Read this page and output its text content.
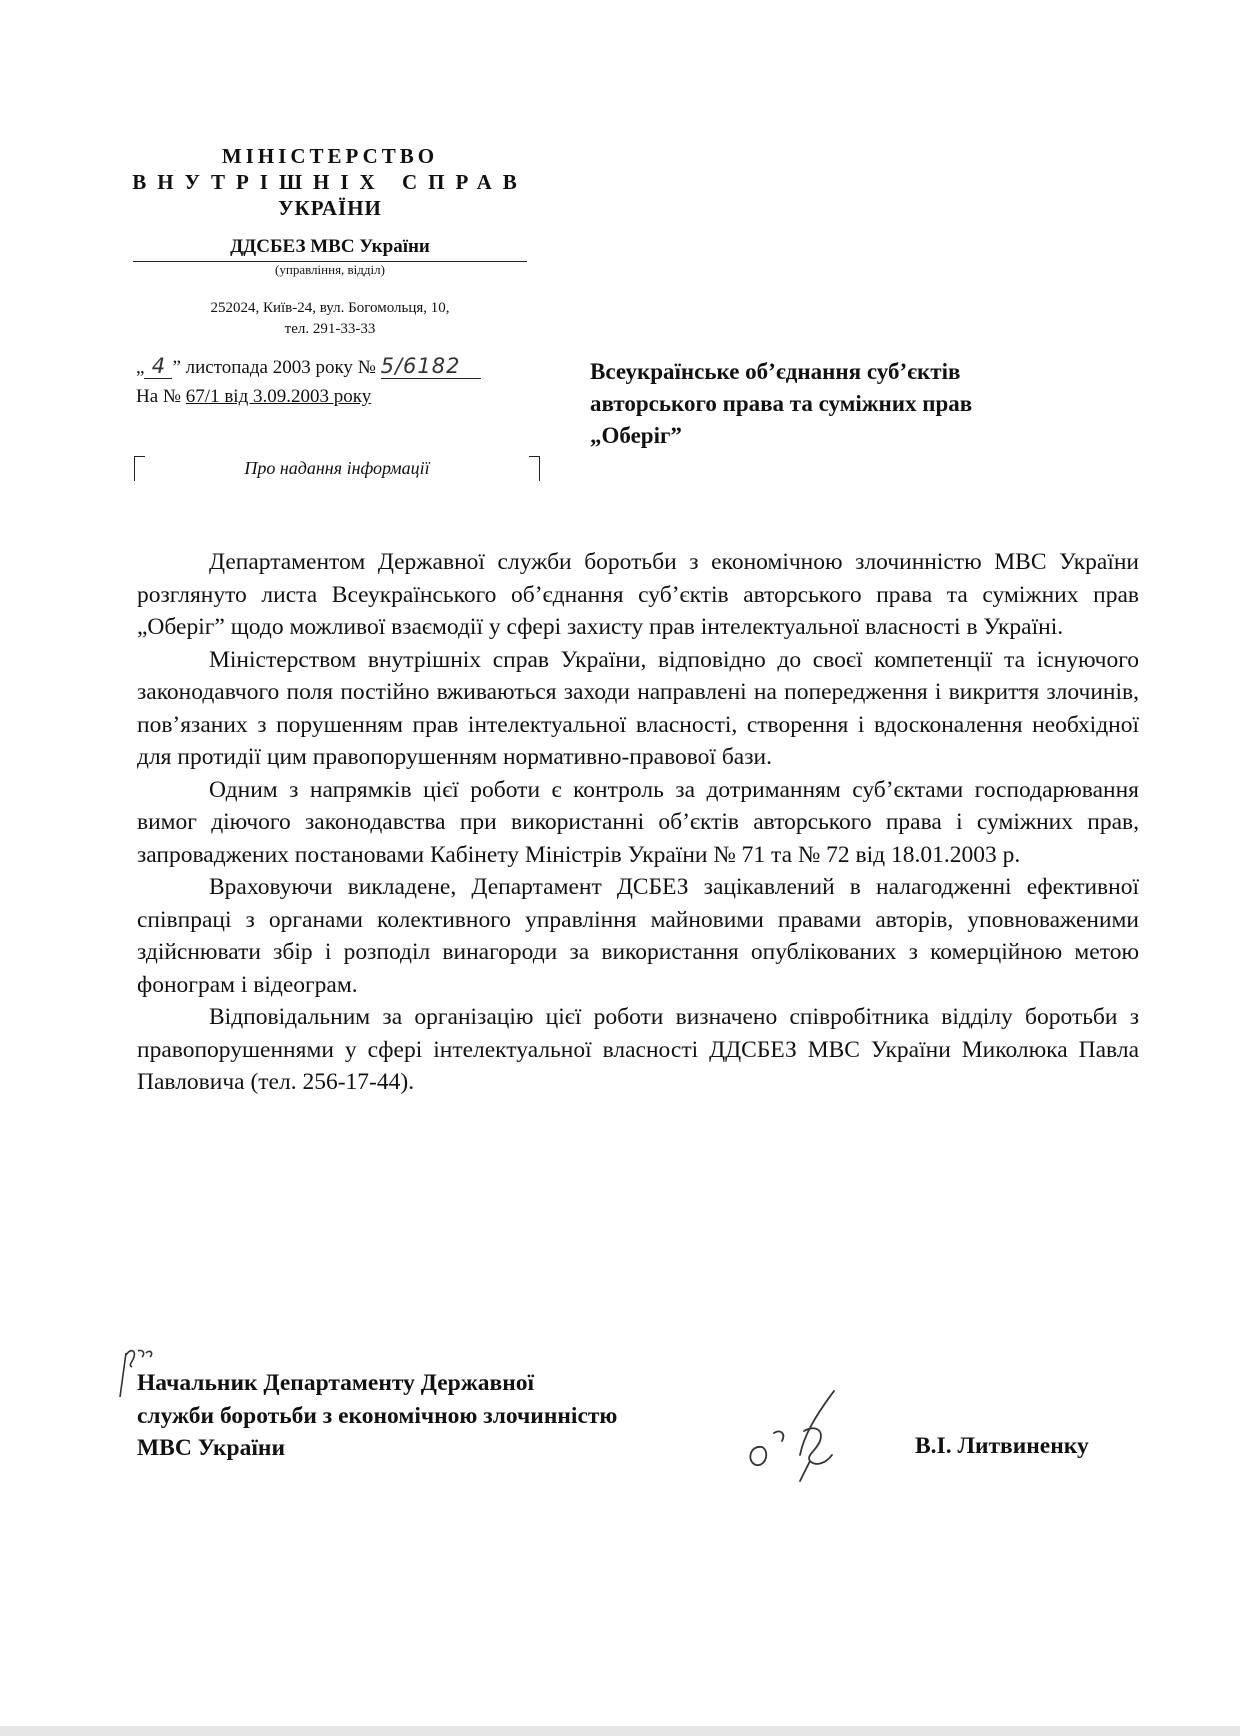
МІНІСТЕРСТВО
ВНУТРІШНІХ СПРАВ
УКРАЇНИ
ДДСБЕЗ МВС України
(управління, відділ)
252024, Київ-24, вул. Богомольця, 10,
тел. 291-33-33
„ 4 ” листопада 2003 року № 5/6182
На № 67/1 від 3.09.2003 року
Про надання інформації
Всеукраїнське об’єднання суб’єктів
авторського права та суміжних прав
„Оберіг”

Департаментом Державної служби боротьби з економічною злочинністю МВС України розглянуто листа Всеукраїнського об’єднання суб’єктів авторського права та суміжних прав „Оберіг” щодо можливої взаємодії у сфері захисту прав інтелектуальної власності в Україні.

Міністерством внутрішніх справ України, відповідно до своєї компетенції та існуючого законодавчого поля постійно вживаються заходи направлені на попередження і викриття злочинів, пов’язаних з порушенням прав інтелектуальної власності, створення і вдосконалення необхідної для протидії цим правопорушенням нормативно-правової бази.

Одним з напрямків цієї роботи є контроль за дотриманням суб’єктами господарювання вимог діючого законодавства при використанні об’єктів авторського права і суміжних прав, запроваджених постановами Кабінету Міністрів України № 71 та № 72 від 18.01.2003 р.

Враховуючи викладене, Департамент ДСБЕЗ зацікавлений в налагодженні ефективної співпраці з органами колективного управління майновими правами авторів, уповноваженими здійснювати збір і розподіл винагороди за використання опублікованих з комерційною метою фонограм і відеограм.

Відповідальним за організацію цієї роботи визначено співробітника відділу боротьби з правопорушеннями у сфері інтелектуальної власності ДДСБЕЗ МВС України Миколюка Павла Павловича (тел. 256-17-44).

Начальник Департаменту Державної
служби боротьби з економічною злочинністю
МВС України	В.І. Литвиненку
